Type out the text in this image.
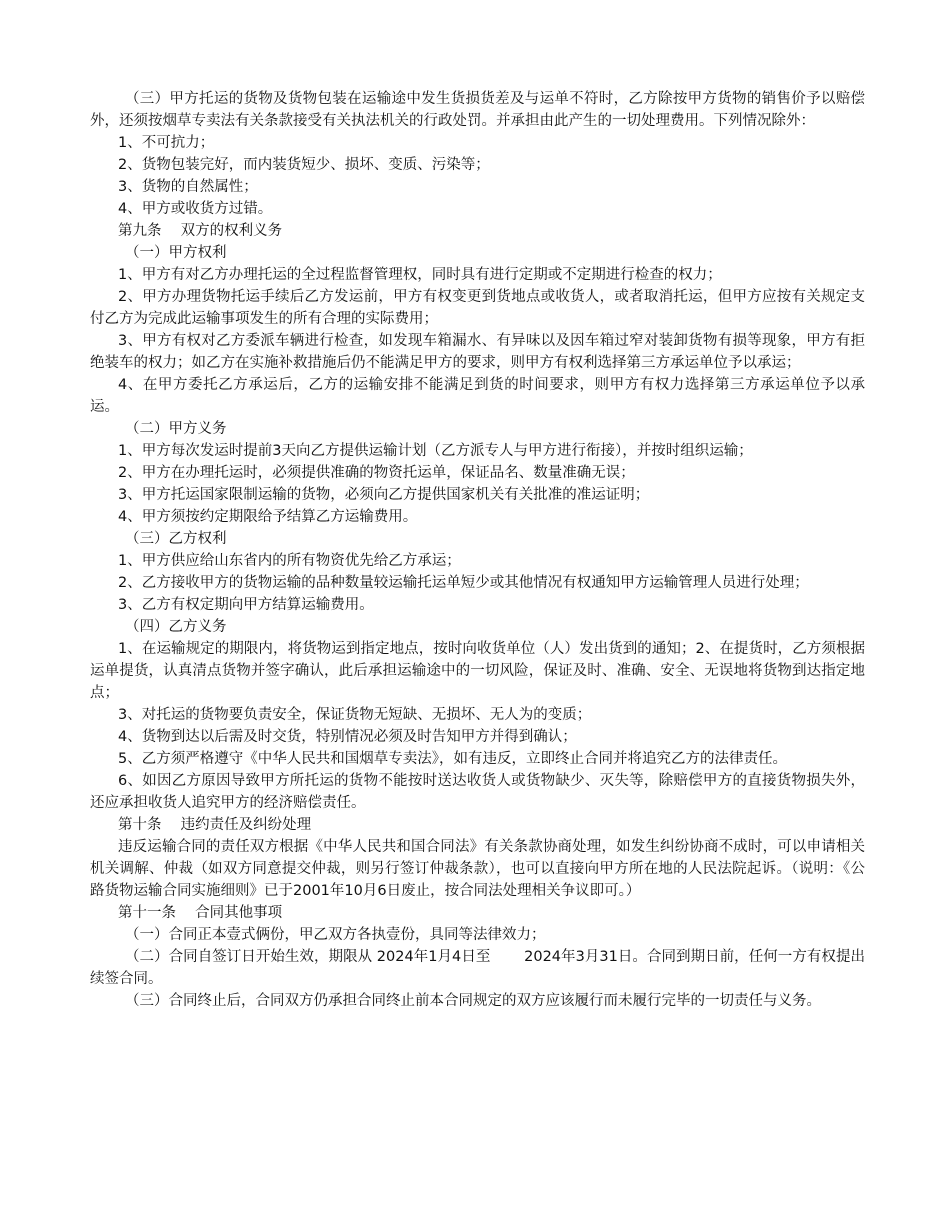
（三）甲方托运的货物及货物包装在运输途中发生货损货差及与运单不符时，乙方除按甲方货物的销售价予以赔偿外，还须按烟草专卖法有关条款接受有关执法机关的行政处罚。并承担由此产生的一切处理费用。下列情况除外：

1、不可抗力；

2、货物包装完好，而内装货短少、损坏、变质、污染等；

3、货物的自然属性；

4、甲方或收货方过错。

第九条　 双方的权利义务

（一）甲方权利

1、甲方有对乙方办理托运的全过程监督管理权，同时具有进行定期或不定期进行检查的权力；

2、甲方办理货物托运手续后乙方发运前，甲方有权变更到货地点或收货人，或者取消托运，但甲方应按有关规定支付乙方为完成此运输事项发生的所有合理的实际费用；

3、甲方有权对乙方委派车辆进行检查，如发现车箱漏水、有异味以及因车箱过窄对装卸货物有损等现象，甲方有拒绝装车的权力；如乙方在实施补救措施后仍不能满足甲方的要求，则甲方有权利选择第三方承运单位予以承运；

4、在甲方委托乙方承运后，乙方的运输安排不能满足到货的时间要求，则甲方有权力选择第三方承运单位予以承运。

（二）甲方义务

1、甲方每次发运时提前3天向乙方提供运输计划（乙方派专人与甲方进行衔接），并按时组织运输；

2、甲方在办理托运时，必须提供准确的物资托运单，保证品名、数量准确无误；

3、甲方托运国家限制运输的货物，必须向乙方提供国家机关有关批准的准运证明；

4、甲方须按约定期限给予结算乙方运输费用。

（三）乙方权利

1、甲方供应给山东省内的所有物资优先给乙方承运；

2、乙方接收甲方的货物运输的品种数量较运输托运单短少或其他情况有权通知甲方运输管理人员进行处理；

3、乙方有权定期向甲方结算运输费用。

（四）乙方义务

1、在运输规定的期限内，将货物运到指定地点，按时向收货单位（人）发出货到的通知；2、在提货时，乙方须根据运单提货，认真清点货物并签字确认，此后承担运输途中的一切风险，保证及时、准确、安全、无误地将货物到达指定地点；

3、对托运的货物要负责安全，保证货物无短缺、无损坏、无人为的变质；

4、货物到达以后需及时交货，特别情况必须及时告知甲方并得到确认；

5、乙方须严格遵守《中华人民共和国烟草专卖法》，如有违反，立即终止合同并将追究乙方的法律责任。

6、如因乙方原因导致甲方所托运的货物不能按时送达收货人或货物缺少、灭失等，除赔偿甲方的直接货物损失外，还应承担收货人追究甲方的经济赔偿责任。

第十条　 违约责任及纠纷处理

违反运输合同的责任双方根据《中华人民共和国合同法》有关条款协商处理，如发生纠纷协商不成时，可以申请相关机关调解、仲裁（如双方同意提交仲裁，则另行签订仲裁条款），也可以直接向甲方所在地的人民法院起诉。（说明：《公路货物运输合同实施细则》已于2001年10月6日废止，按合同法处理相关争议即可。）

第十一条　 合同其他事项

（一）合同正本壹式俩份，甲乙双方各执壹份，具同等法律效力；

（二）合同自签订日开始生效，期限从 2024年1月4日至 　　2024年3月31日。合同到期日前，任何一方有权提出续签合同。

（三）合同终止后，合同双方仍承担合同终止前本合同规定的双方应该履行而未履行完毕的一切责任与义务。
